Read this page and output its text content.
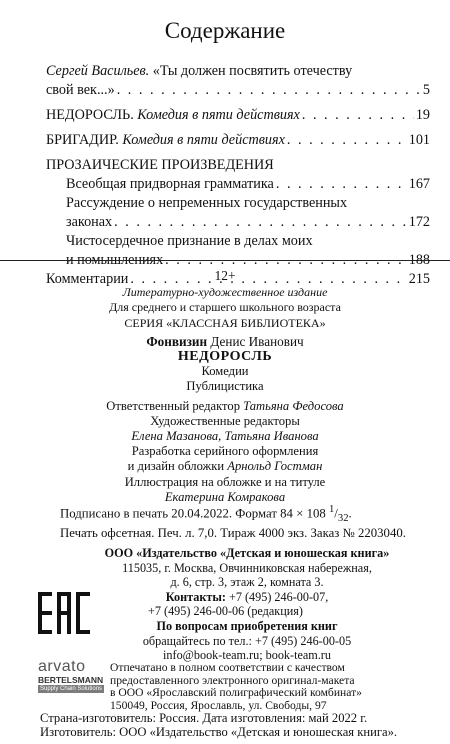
Содержание
Сергей Васильев. «Ты должен посвятить отечеству
свой век...» . . .	5
НЕДОРОСЛЬ. Комедия в пяти действиях . . .	19
БРИГАДИР. Комедия в пяти действиях . . .	101
ПРОЗАИЧЕСКИЕ ПРОИЗВЕДЕНИЯ
Всеобщая придворная грамматика . . .	167
Рассуждение о непременных государственных
законах . . .	172
Чистосердечное признание в делах моих
и помышлениях . . .	188
Комментарии . . .	215
12+
Литературно-художественное издание
Для среднего и старшего школьного возраста
СЕРИЯ «КЛАССНАЯ БИБЛИОТЕКА»
Фонвизин Денис Иванович
НЕДОРОСЛЬ
Комедии
Публицистика
Ответственный редактор Татьяна Федосова
Художественные редакторы
Елена Мазанова, Татьяна Иванова
Разработка серийного оформления
и дизайн обложки Арнольд Гостман
Иллюстрация на обложке и на титуле
Екатерина Комракова
Подписано в печать 20.04.2022. Формат 84 × 108 $^1/_{32}$.
Печать офсетная. Печ. л. 7,0. Тираж 4000 экз. Заказ № 2203040.
ООО «Издательство «Детская и юношеская книга»
115035, г. Москва, Овчинниковская набережная,
д. 6, стр. 3, этаж 2, комната 3.
Контакты: +7 (495) 246-00-07,
+7 (495) 246-00-06 (редакция)
По вопросам приобретения книг
обращайтесь по тел.: +7 (495) 246-00-05
info@book-team.ru; book-team.ru
arvato
BERTELSMANN
Supply Chain Solutions
Отпечатано в полном соответствии с качеством
предоставленного электронного оригинал-макета
в ООО «Ярославский полиграфический комбинат»
150049, Россия, Ярославль, ул. Свободы, 97
Страна-изготовитель: Россия. Дата изготовления: май 2022 г.
Изготовитель: ООО «Издательство «Детская и юношеская книга».
